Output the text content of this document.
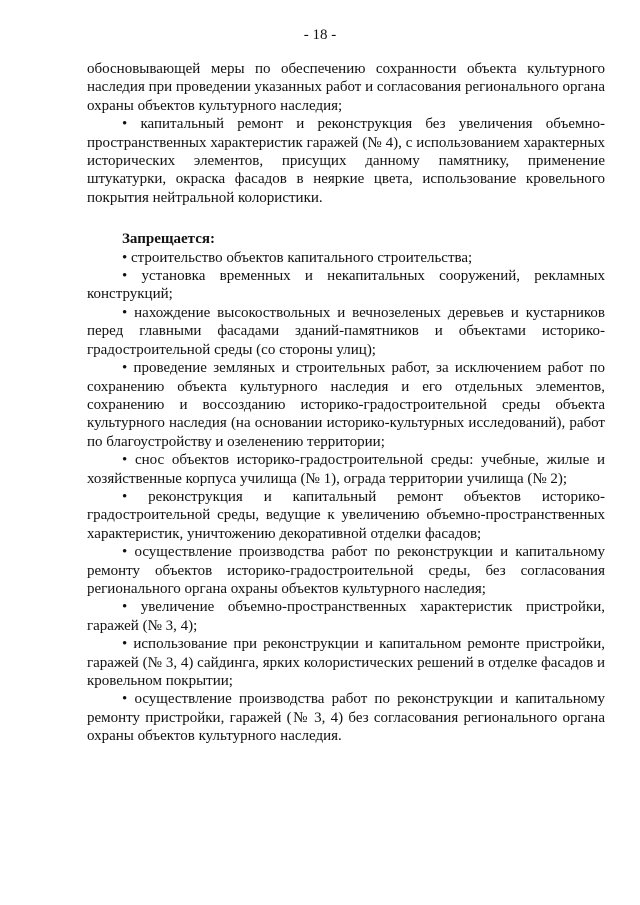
- 18 -

обосновывающей меры по обеспечению сохранности объекта культурного наследия при проведении указанных работ и согласования регионального органа охраны объектов культурного наследия;

• капитальный ремонт и реконструкция без увеличения объемно-пространственных характеристик гаражей (№ 4), с использованием характерных исторических элементов, присущих данному памятнику, применение штукатурки, окраска фасадов в неяркие цвета, использование кровельного покрытия нейтральной колористики.

Запрещается:

• строительство объектов капитального строительства;

• установка временных и некапитальных сооружений, рекламных конструкций;

• нахождение высокоствольных и вечнозеленых деревьев и кустарников перед главными фасадами зданий-памятников и объектами историко-градостроительной среды (со стороны улиц);

• проведение земляных и строительных работ, за исключением работ по сохранению объекта культурного наследия и его отдельных элементов, сохранению и воссозданию историко-градостроительной среды объекта культурного наследия (на основании историко-культурных исследований), работ по благоустройству и озеленению территории;

• снос объектов историко-градостроительной среды: учебные, жилые и хозяйственные корпуса училища (№ 1), ограда территории училища (№ 2);

• реконструкция и капитальный ремонт объектов историко-градостроительной среды, ведущие к увеличению объемно-пространственных характеристик, уничтожению декоративной отделки фасадов;

• осуществление производства работ по реконструкции и капитальному ремонту объектов историко-градостроительной среды, без согласования регионального органа охраны объектов культурного наследия;

• увеличение объемно-пространственных характеристик пристройки, гаражей (№ 3, 4);

• использование при реконструкции и капитальном ремонте пристройки, гаражей (№ 3, 4) сайдинга, ярких колористических решений в отделке фасадов и кровельном покрытии;

• осуществление производства работ по реконструкции и капитальному ремонту пристройки, гаражей (№ 3, 4) без согласования регионального органа охраны объектов культурного наследия.
